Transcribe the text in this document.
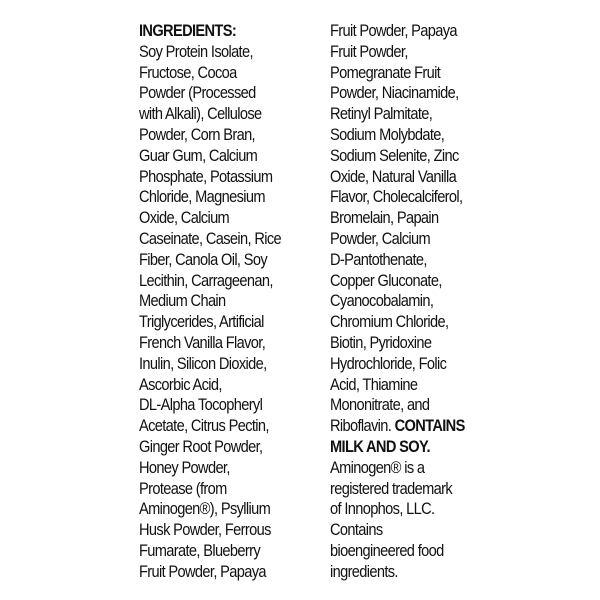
INGREDIENTS:
Soy Protein Isolate,
Fructose, Cocoa
Powder (Processed
with Alkali), Cellulose
Powder, Corn Bran,
Guar Gum, Calcium
Phosphate, Potassium
Chloride, Magnesium
Oxide, Calcium
Caseinate, Casein, Rice
Fiber, Canola Oil, Soy
Lecithin, Carrageenan,
Medium Chain
Triglycerides, Artificial
French Vanilla Flavor,
Inulin, Silicon Dioxide,
Ascorbic Acid,
DL-Alpha Tocopheryl
Acetate, Citrus Pectin,
Ginger Root Powder,
Honey Powder,
Protease (from
Aminogen®), Psyllium
Husk Powder, Ferrous
Fumarate, Blueberry
Fruit Powder, Papaya
Fruit Powder, Papaya
Fruit Powder,
Pomegranate Fruit
Powder, Niacinamide,
Retinyl Palmitate,
Sodium Molybdate,
Sodium Selenite, Zinc
Oxide, Natural Vanilla
Flavor, Cholecalciferol,
Bromelain, Papain
Powder, Calcium
D-Pantothenate,
Copper Gluconate,
Cyanocobalamin,
Chromium Chloride,
Biotin, Pyridoxine
Hydrochloride, Folic
Acid, Thiamine
Mononitrate, and
Riboflavin. CONTAINS
MILK AND SOY.
Aminogen® is a
registered trademark
of Innophos, LLC.
Contains
bioengineered food
ingredients.
